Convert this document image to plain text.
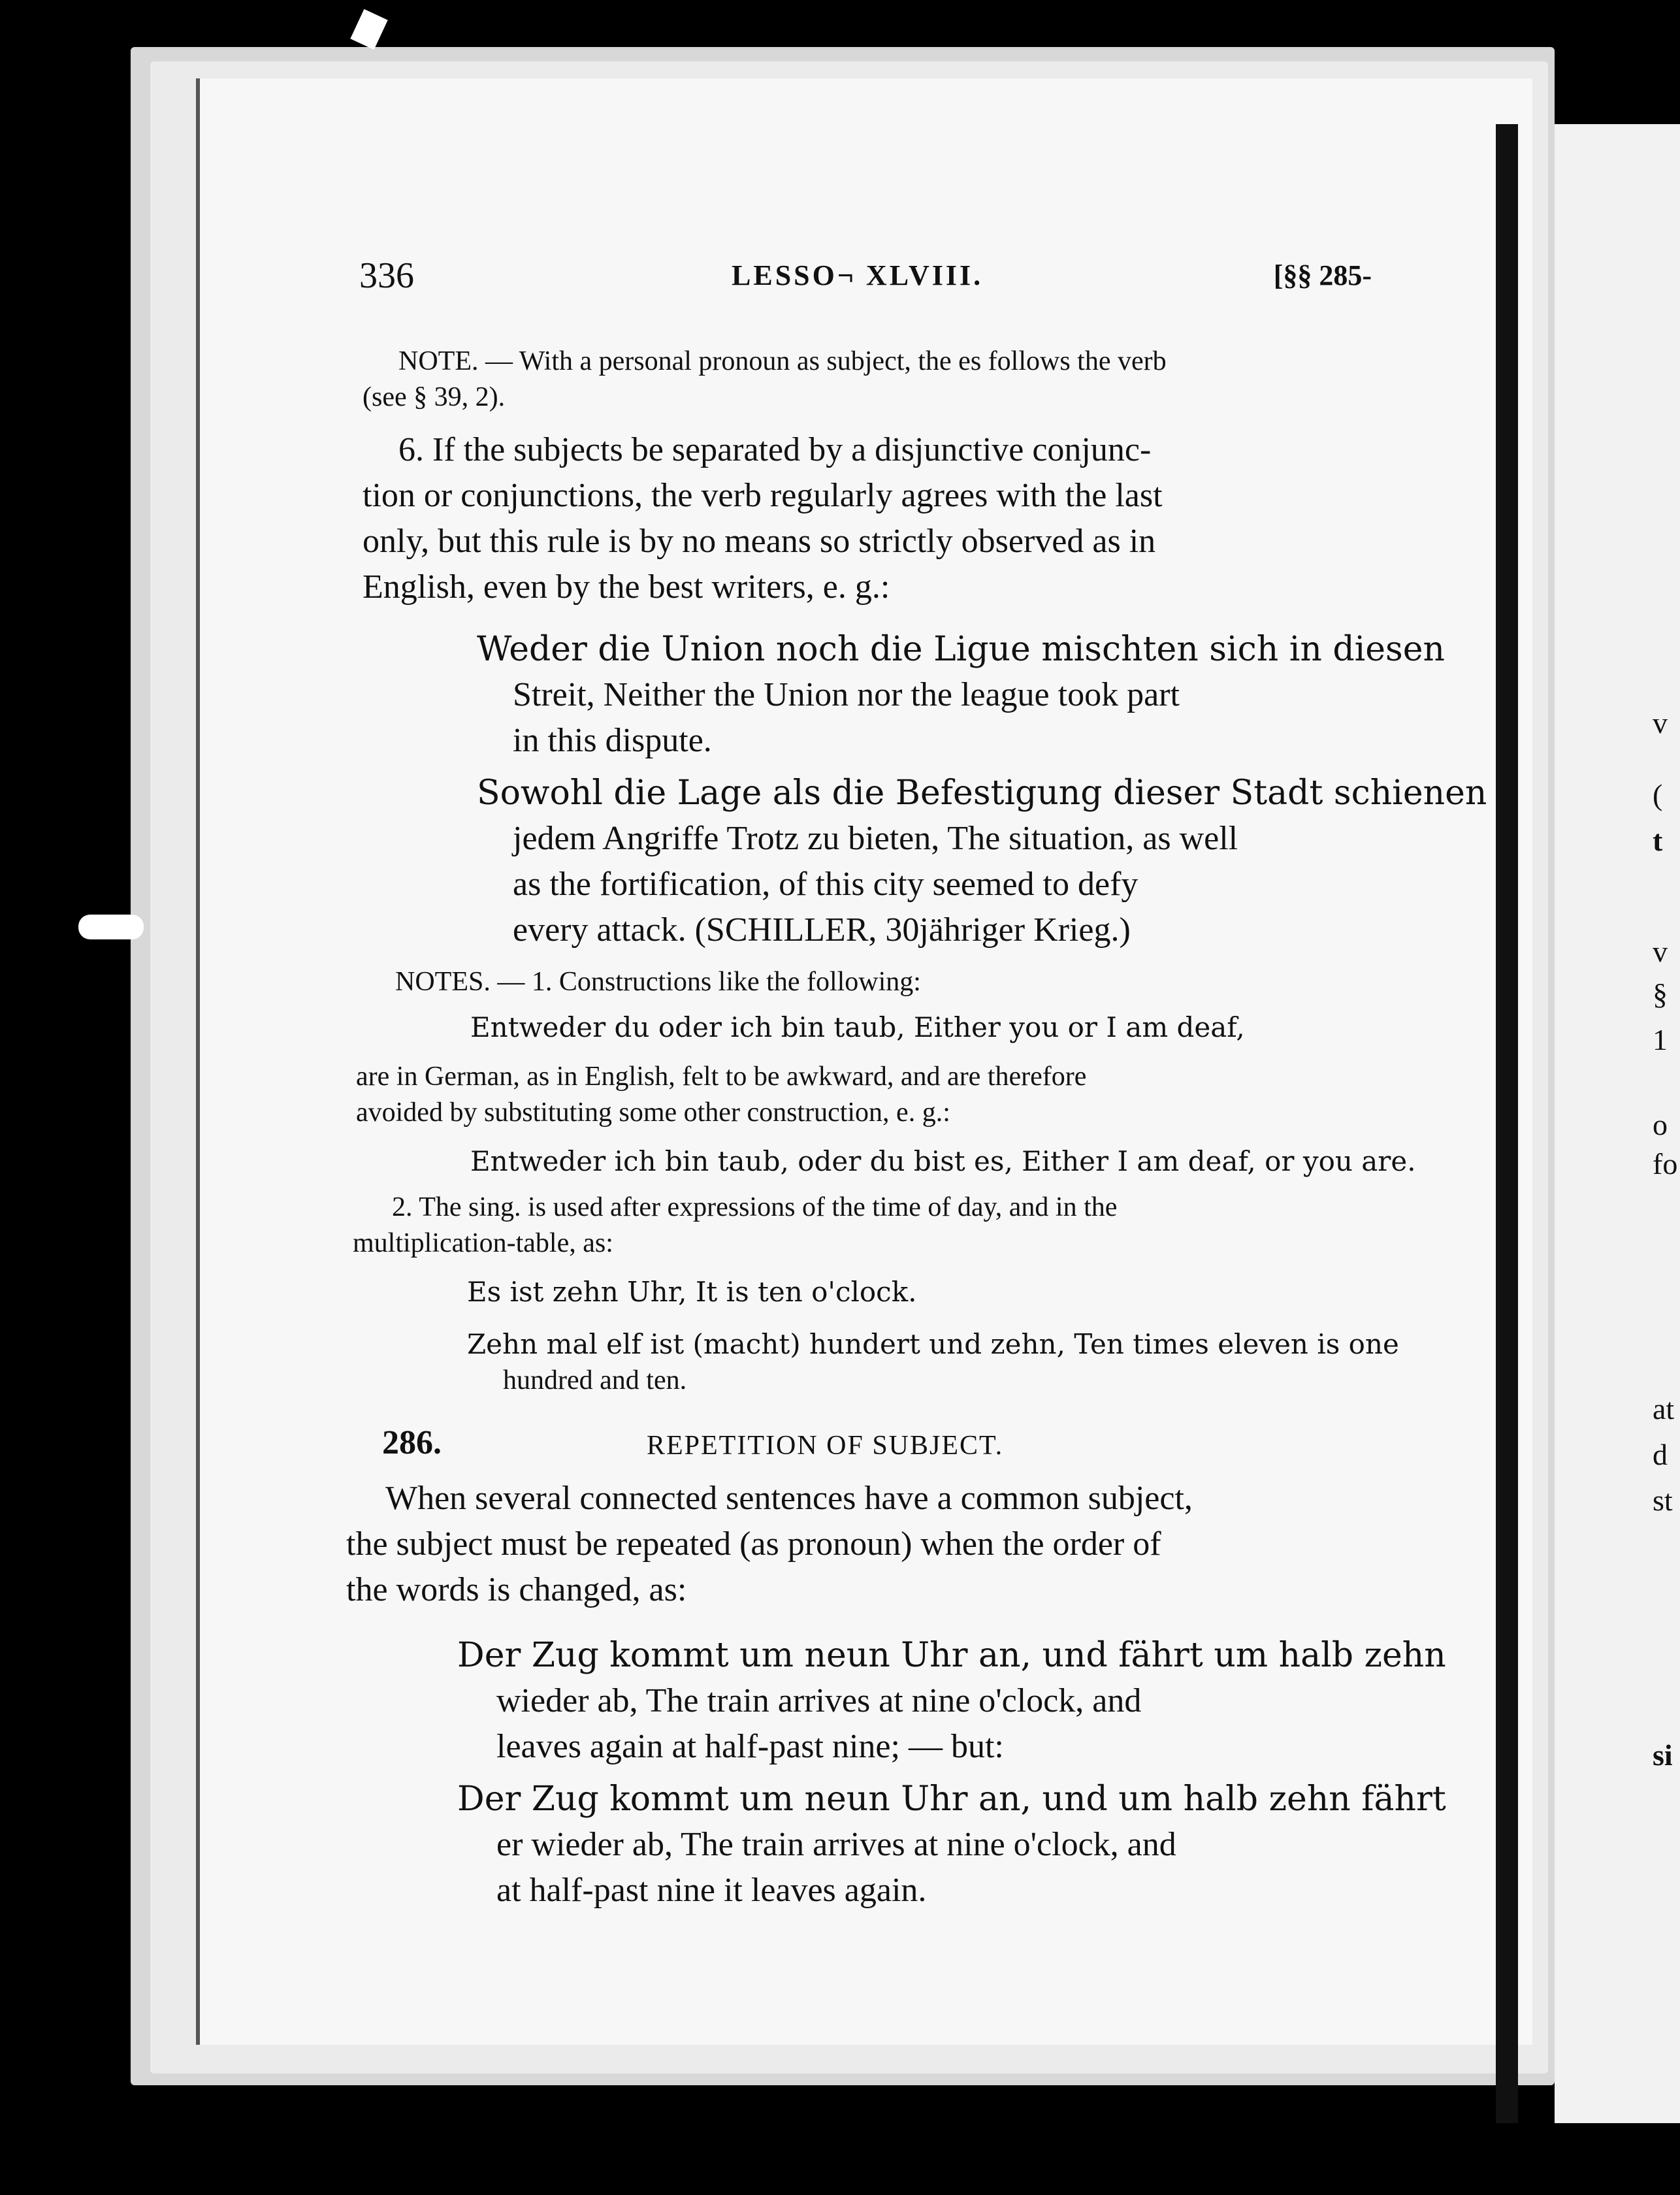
v
(
t
v
§
1
o
fo
at
d
st
si
336	LESSO¬ XLVIII.	[§§ 285-
NOTE. — With a personal pronoun as subject, the es follows the verb
(see § 39, 2).
6. If the subjects be separated by a disjunctive conjunc-
tion or conjunctions, the verb regularly agrees with the last
only, but this rule is by no means so strictly observed as in
English, even by the best writers, e. g.:
Weder die Union noch die Ligue mischten sich in diesen
Streit, Neither the Union nor the league took part
in this dispute.
Sowohl die Lage als die Befestigung dieser Stadt schienen
jedem Angriffe Trotz zu bieten, The situation, as well
as the fortification, of this city seemed to defy
every attack. (SCHILLER, 30jähriger Krieg.)
NOTES. — 1. Constructions like the following:
Entweder du oder ich bin taub, Either you or I am deaf,
are in German, as in English, felt to be awkward, and are therefore
avoided by substituting some other construction, e. g.:
Entweder ich bin taub, oder du bist es, Either I am deaf, or you are.
2. The sing. is used after expressions of the time of day, and in the
multiplication-table, as:
Es ist zehn Uhr, It is ten o'clock.
Zehn mal elf ist (macht) hundert und zehn, Ten times eleven is one
hundred and ten.
286.	REPETITION OF SUBJECT.
When several connected sentences have a common subject,
the subject must be repeated (as pronoun) when the order of
the words is changed, as:
Der Zug kommt um neun Uhr an, und fährt um halb zehn
wieder ab, The train arrives at nine o'clock, and
leaves again at half-past nine; — but:
Der Zug kommt um neun Uhr an, und um halb zehn fährt
er wieder ab, The train arrives at nine o'clock, and
at half-past nine it leaves again.
